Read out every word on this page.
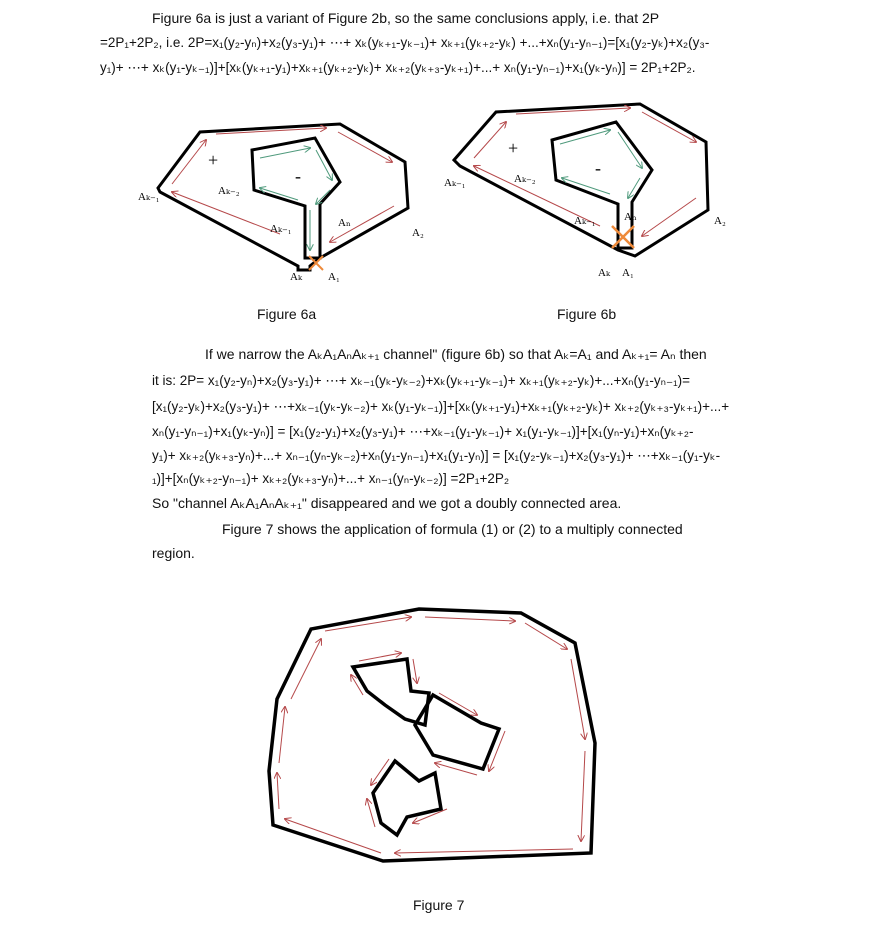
Figure 6a is just a variant of Figure 2b, so the same conclusions apply, i.e. that 2P
=2P₁+2P₂, i.e. 2P=x₁(y₂-yₙ)+x₂(y₃-y₁)+ ⋯+ xₖ(yₖ₊₁-yₖ₋₁)+ xₖ₊₁(yₖ₊₂-yₖ) +...+xₙ(y₁-yₙ₋₁)=[x₁(y₂-yₖ)+x₂(y₃-
y₁)+ ⋯+ xₖ(y₁-yₖ₋₁)]+[xₖ(yₖ₊₁-y₁)+xₖ₊₁(yₖ₊₂-yₖ)+ xₖ₊₂(yₖ₊₃-yₖ₊₁)+...+ xₙ(y₁-yₙ₋₁)+x₁(yₖ-yₙ)] = 2P₁+2P₂.
+
-
Aₖ₋₁	Aₖ₋₂
Aₖ₋₁	Aₙ
A₂
Aₖ A₁
+
-
Aₖ₋₁	Aₖ₋₂
Aₖ₋₁	Aₙ	A₂
Aₖ A₁
Figure 6a	Figure 6b
If we narrow the AₖA₁AₙAₖ₊₁ channel" (figure 6b) so that Aₖ=A₁ and Aₖ₊₁= Aₙ then
it is: 2P= x₁(y₂-yₙ)+x₂(y₃-y₁)+ ⋯+ xₖ₋₁(yₖ-yₖ₋₂)+xₖ(yₖ₊₁-yₖ₋₁)+ xₖ₊₁(yₖ₊₂-yₖ)+...+xₙ(y₁-yₙ₋₁)=
[x₁(y₂-yₖ)+x₂(y₃-y₁)+ ⋯+xₖ₋₁(yₖ-yₖ₋₂)+ xₖ(y₁-yₖ₋₁)]+[xₖ(yₖ₊₁-y₁)+xₖ₊₁(yₖ₊₂-yₖ)+ xₖ₊₂(yₖ₊₃-yₖ₊₁)+...+
xₙ(y₁-yₙ₋₁)+x₁(yₖ-yₙ)] = [x₁(y₂-y₁)+x₂(y₃-y₁)+ ⋯+xₖ₋₁(y₁-yₖ₋₁)+ x₁(y₁-yₖ₋₁)]+[x₁(yₙ-y₁)+xₙ(yₖ₊₂-
y₁)+ xₖ₊₂(yₖ₊₃-yₙ)+...+ xₙ₋₁(yₙ-yₖ₋₂)+xₙ(y₁-yₙ₋₁)+x₁(y₁-yₙ)] = [x₁(y₂-yₖ₋₁)+x₂(y₃-y₁)+ ⋯+xₖ₋₁(y₁-yₖ-
₁)]+[xₙ(yₖ₊₂-yₙ₋₁)+ xₖ₊₂(yₖ₊₃-yₙ)+...+ xₙ₋₁(yₙ-yₖ₋₂)] =2P₁+2P₂
So "channel AₖA₁AₙAₖ₊₁" disappeared and we got a doubly connected area.
Figure 7 shows the application of formula (1) or (2) to a multiply connected
region.
Figure 7
